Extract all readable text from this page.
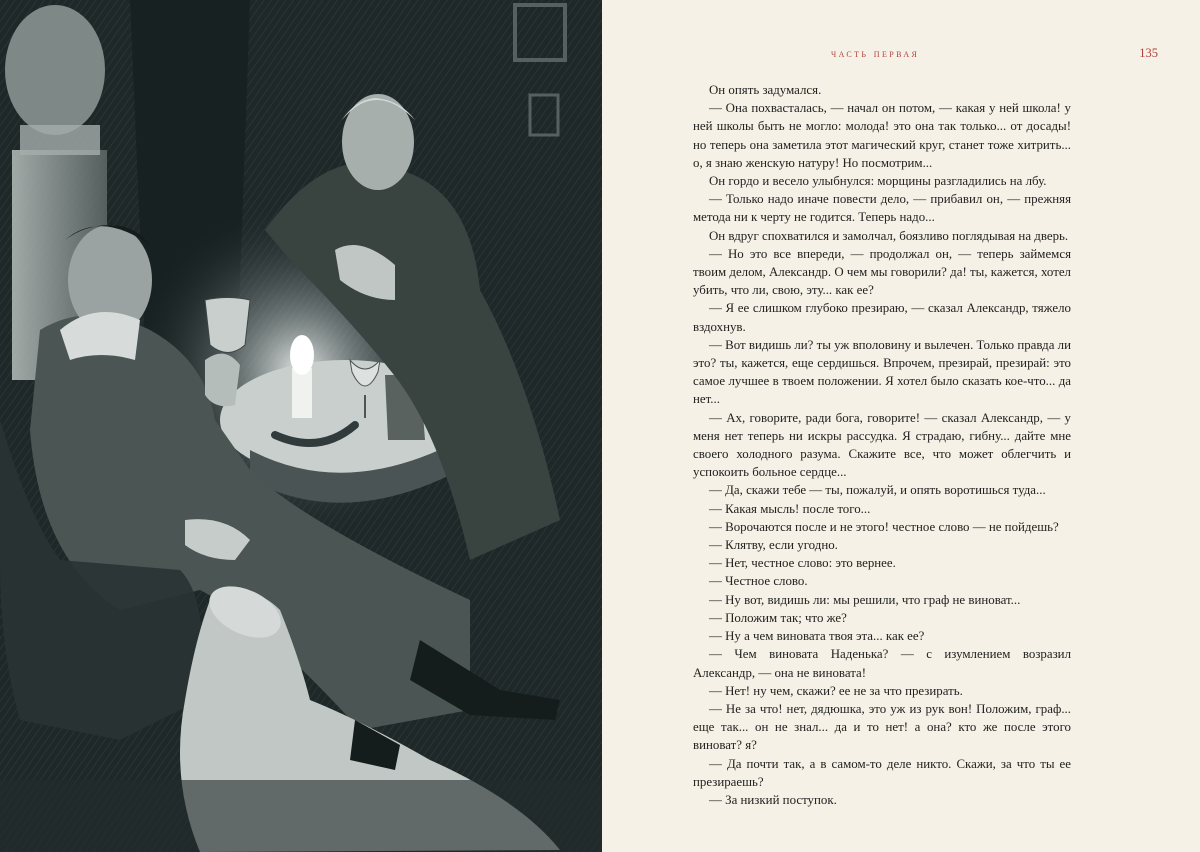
часть первая	135

Он опять задумался.

— Она похвасталась, — начал он потом, — какая у ней школа! у ней школы быть не могло: молода! это она так только... от досады! но теперь она заметила этот магический круг, станет тоже хитрить... о, я знаю женскую натуру! Но посмотрим...

Он гордо и весело улыбнулся: морщины разгладились на лбу.

— Только надо иначе повести дело, — прибавил он, — прежняя метода ни к черту не годится. Теперь надо...

Он вдруг спохватился и замолчал, боязливо поглядывая на дверь.

— Но это все впереди, — продолжал он, — теперь займемся твоим делом, Александр. О чем мы говорили? да! ты, кажется, хотел убить, что ли, свою, эту... как ее?

— Я ее слишком глубоко презираю, — сказал Александр, тяжело вздохнув.

— Вот видишь ли? ты уж вполовину и вылечен. Только правда ли это? ты, кажется, еще сердишься. Впрочем, презирай, презирай: это самое лучшее в твоем положении. Я хотел было сказать кое-что... да нет...

— Ах, говорите, ради бога, говорите! — сказал Александр, — у меня нет теперь ни искры рассудка. Я страдаю, гибну... дайте мне своего холодного разума. Скажите все, что может облегчить и успокоить больное сердце...

— Да, скажи тебе — ты, пожалуй, и опять воротишься туда...

— Какая мысль! после того...

— Ворочаются после и не этого! честное слово — не пойдешь?

— Клятву, если угодно.

— Нет, честное слово: это вернее.

— Честное слово.

— Ну вот, видишь ли: мы решили, что граф не виноват...

— Положим так; что же?

— Ну а чем виновата твоя эта... как ее?

— Чем виновата Наденька? — с изумлением возразил Александр, — она не виновата!

— Нет! ну чем, скажи? ее не за что презирать.

— Не за что! нет, дядюшка, это уж из рук вон! Положим, граф... еще так... он не знал... да и то нет! а она? кто же после этого виноват? я?

— Да почти так, а в самом-то деле никто. Скажи, за что ты ее презираешь?

— За низкий поступок.
